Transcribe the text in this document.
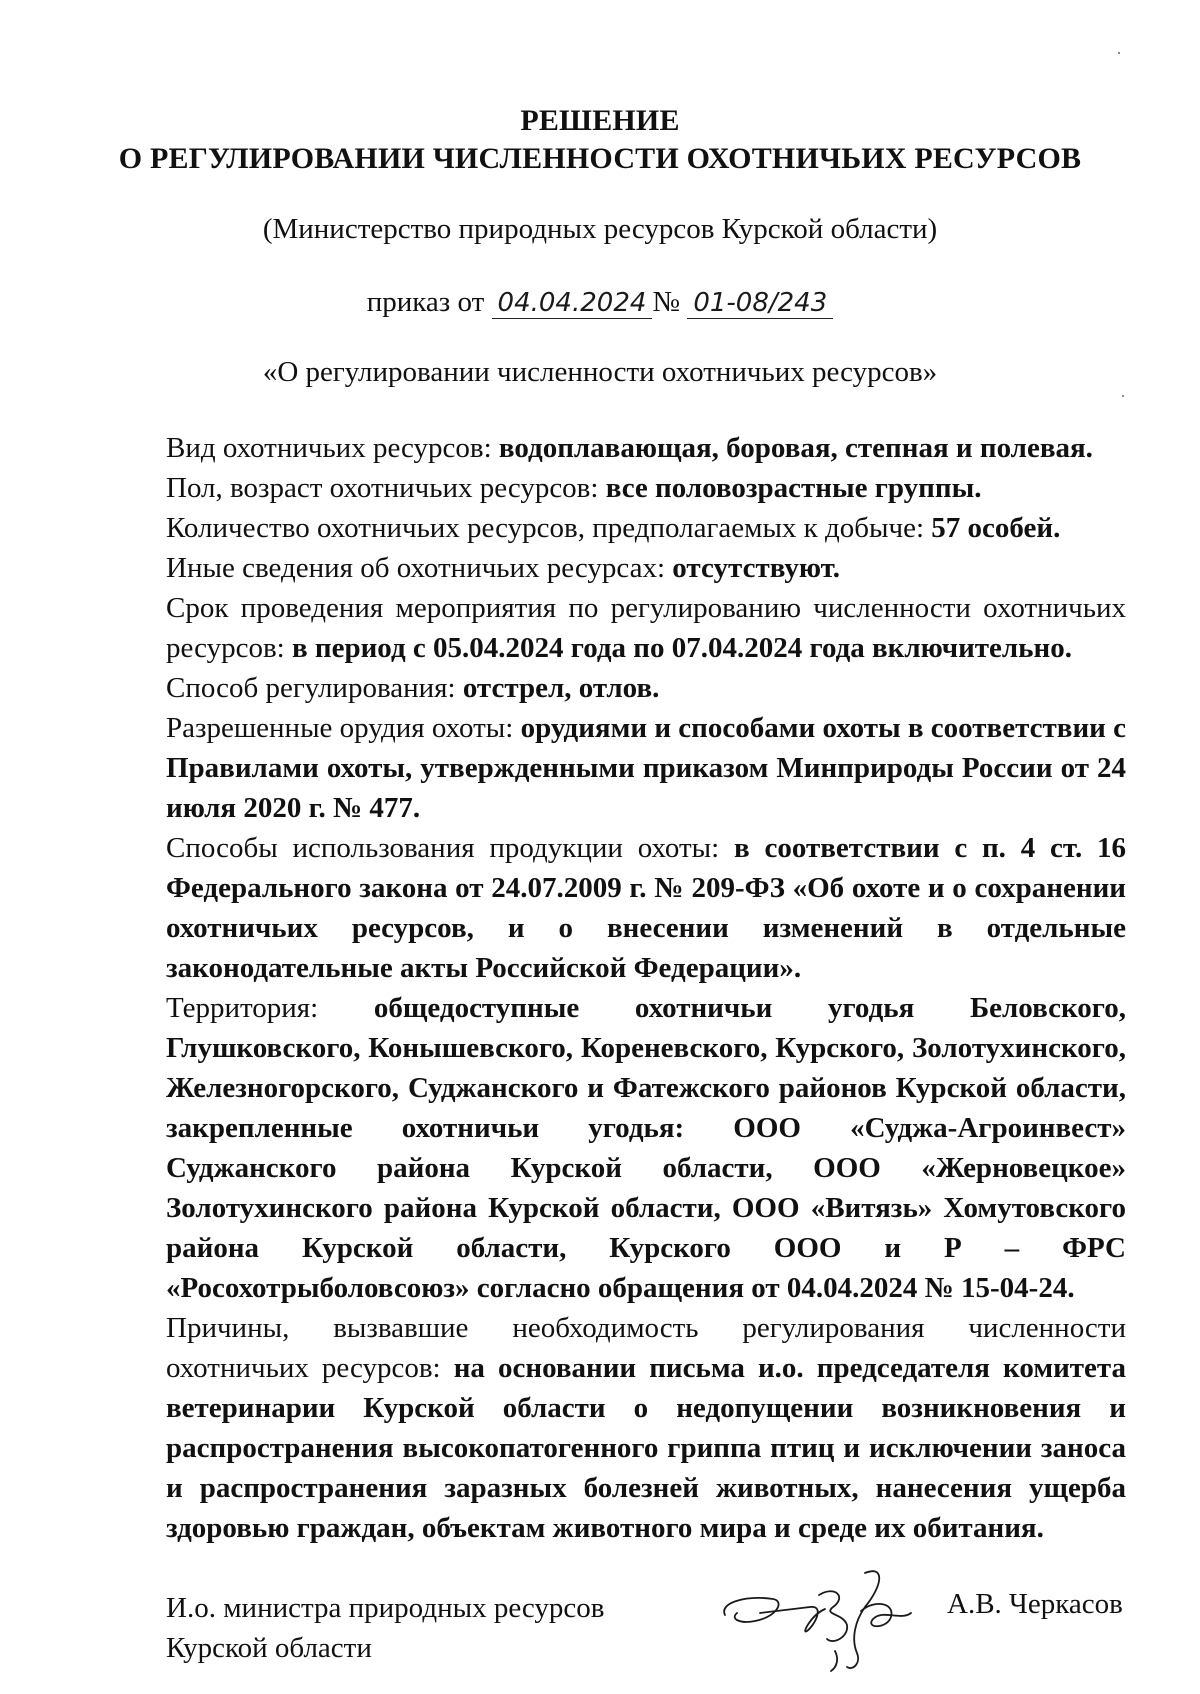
РЕШЕНИЕ
О РЕГУЛИРОВАНИИ ЧИСЛЕННОСТИ ОХОТНИЧЬИХ РЕСУРСОВ
(Министерство природных ресурсов Курской области)
приказ от 04.04.2024 № 01-08/243
«О регулировании численности охотничьих ресурсов»

Вид охотничьих ресурсов: водоплавающая, боровая, степная и полевая.

Пол, возраст охотничьих ресурсов: все половозрастные группы.

Количество охотничьих ресурсов, предполагаемых к добыче: 57 особей.

Иные сведения об охотничьих ресурсах: отсутствуют.

Срок проведения мероприятия по регулированию численности охотничьих ресурсов: в период с 05.04.2024 года по 07.04.2024 года включительно.

Способ регулирования: отстрел, отлов.

Разрешенные орудия охоты: орудиями и способами охоты в соответствии с Правилами охоты, утвержденными приказом Минприроды России от 24 июля 2020 г. № 477.

Способы использования продукции охоты: в соответствии с п. 4 ст. 16 Федерального закона от 24.07.2009 г. № 209-ФЗ «Об охоте и о сохранении охотничьих ресурсов, и о внесении изменений в отдельные законодательные акты Российской Федерации».

Территория: общедоступные охотничьи угодья Беловского, Глушковского, Конышевского, Кореневского, Курского, Золотухинского, Железногорского, Суджанского и Фатежского районов Курской области, закрепленные охотничьи угодья: ООО «Суджа-Агроинвест» Суджанского района Курской области, ООО «Жерновецкое» Золотухинского района Курской области, ООО «Витязь» Хомутовского района Курской области, Курского ООО и Р – ФРС «Росохотрыболовсоюз» согласно обращения от 04.04.2024 № 15-04-24.

Причины, вызвавшие необходимость регулирования численности охотничьих ресурсов: на основании письма и.о. председателя комитета ветеринарии Курской области о недопущении возникновения и распространения высокопатогенного гриппа птиц и исключении заноса и распространения заразных болезней животных, нанесения ущерба здоровью граждан, объектам животного мира и среде их обитания.

И.о. министра природных ресурсов
Курской области
А.В. Черкасов
